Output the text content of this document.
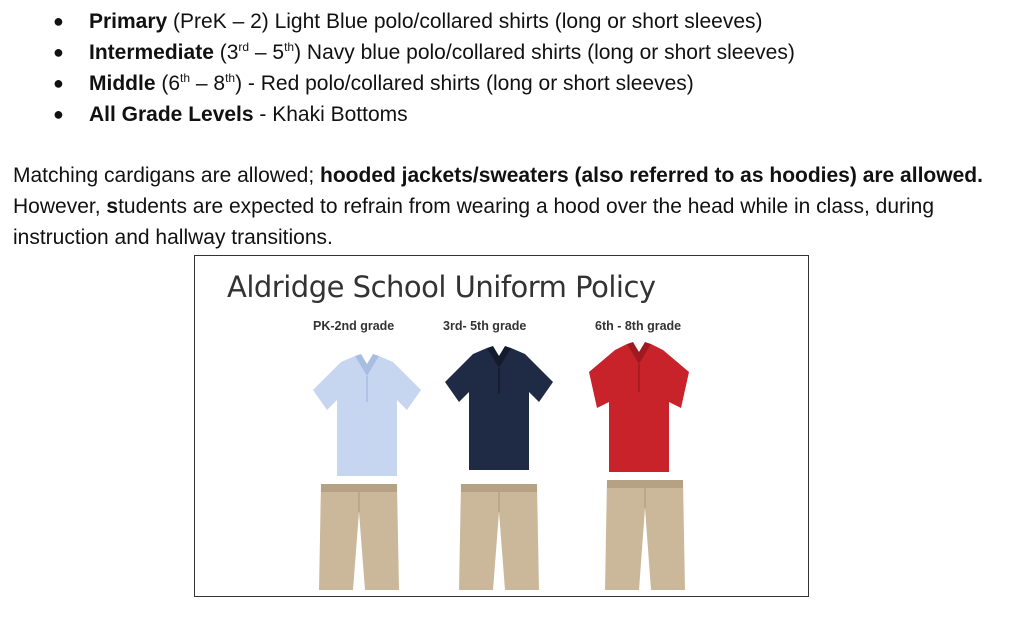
● Primary (PreK – 2) Light Blue polo/collared shirts (long or short sleeves)
● Intermediate (3rd – 5th) Navy blue polo/collared shirts (long or short sleeves)
● Middle (6th – 8th) - Red polo/collared shirts (long or short sleeves)
● All Grade Levels - Khaki Bottoms
Matching cardigans are allowed; hooded jackets/sweaters (also referred to as hoodies) are allowed. However, students are expected to refrain from wearing a hood over the head while in class, during instruction and hallway transitions.
Aldridge School Uniform Policy
PK-2nd grade	3rd- 5th grade	6th - 8th grade
